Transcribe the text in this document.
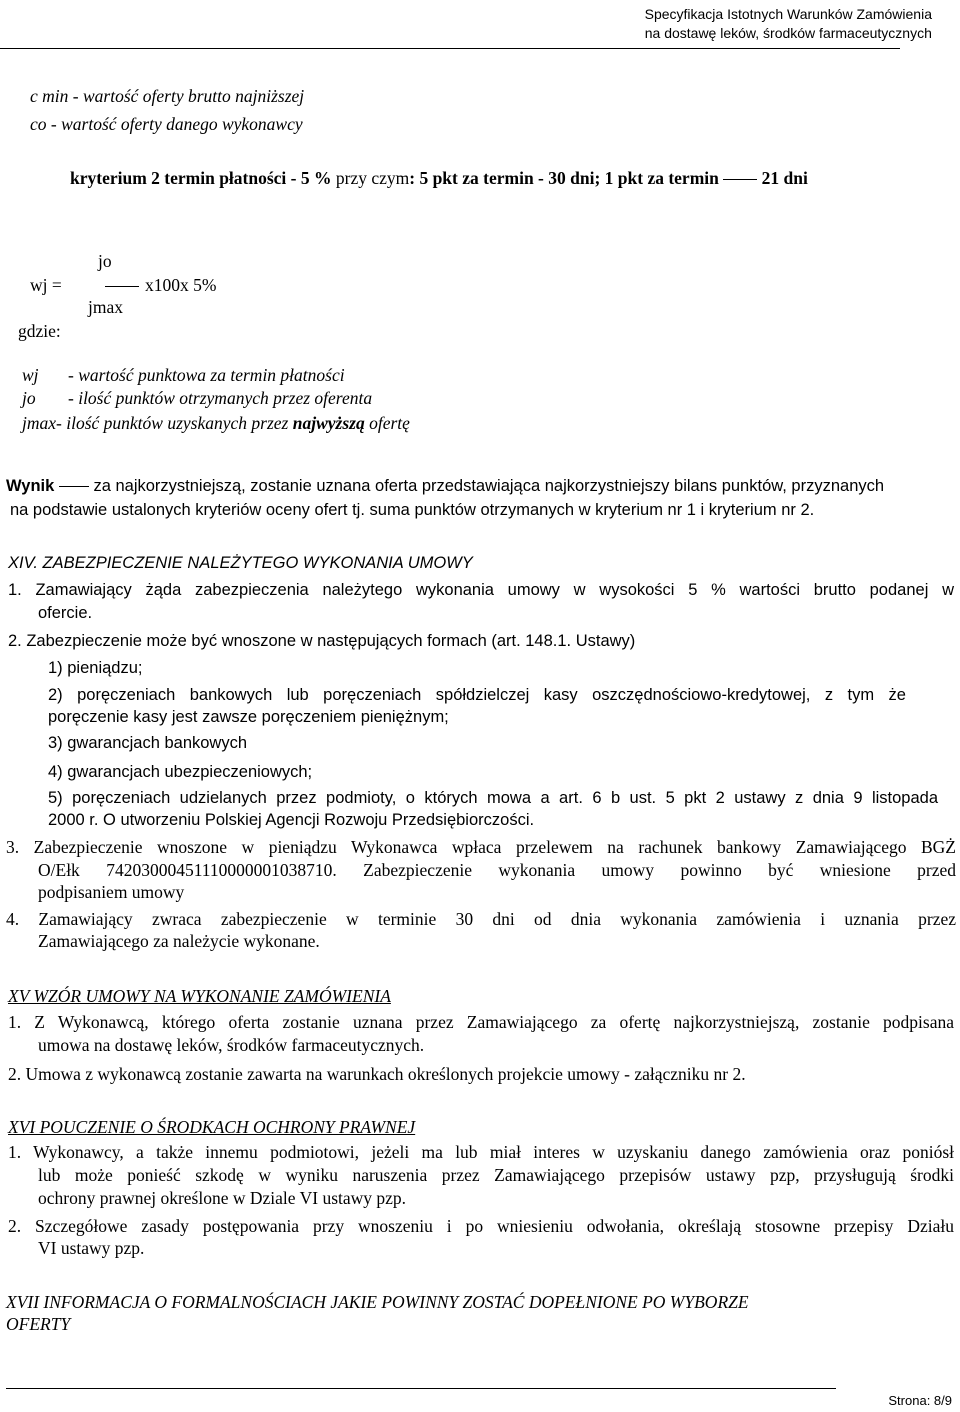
Specyfikacja Istotnych Warunków Zamówienia
na dostawę leków, środków farmaceutycznych
c min - wartość oferty brutto najniższej
co - wartość oferty danego wykonawcy
kryterium 2 termin płatności - 5 % przy czym: 5 pkt za termin - 30 dni; 1 pkt za termin  21 dni
jo
wj =	x100x 5%
jmax
gdzie:
wj - wartość punktowa za termin płatności
jo - ilość punktów otrzymanych przez oferenta
jmax- ilość punktów uzyskanych przez najwyższą ofertę
Wynik  za najkorzystniejszą, zostanie uznana oferta przedstawiająca najkorzystniejszy bilans punktów, przyznanych
na podstawie ustalonych kryteriów oceny ofert tj. suma punktów otrzymanych w kryterium nr 1 i kryterium nr 2.
XIV. ZABEZPIECZENIE NALEŻYTEGO WYKONANIA UMOWY
1. Zamawiający żąda zabezpieczenia należytego wykonania umowy w wysokości 5 % wartości brutto podanej w
ofercie.
2. Zabezpieczenie może być wnoszone w następujących formach (art. 148.1. Ustawy)
1) pieniądzu;
2) poręczeniach bankowych lub poręczeniach spółdzielczej kasy oszczędnościowo-kredytowej, z tym że
poręczenie kasy jest zawsze poręczeniem pieniężnym;
3) gwarancjach bankowych
4) gwarancjach ubezpieczeniowych;
5) poręczeniach udzielanych przez podmioty, o których mowa a art. 6 b ust. 5 pkt 2 ustawy z dnia 9 listopada
2000 r. O utworzeniu Polskiej Agencji Rozwoju Przedsiębiorczości.
3. Zabezpieczenie wnoszone w pieniądzu Wykonawca wpłaca przelewem na rachunek bankowy Zamawiającego BGŻ
O/Ełk 74203000451110000001038710. Zabezpieczenie wykonania umowy powinno być wniesione przed
podpisaniem umowy
4. Zamawiający zwraca zabezpieczenie w terminie 30 dni od dnia wykonania zamówienia i uznania przez
Zamawiającego za należycie wykonane.
XV WZÓR UMOWY NA WYKONANIE ZAMÓWIENIA
1. Z Wykonawcą, którego oferta zostanie uznana przez Zamawiającego za ofertę najkorzystniejszą, zostanie podpisana
umowa na dostawę leków, środków farmaceutycznych.
2. Umowa z wykonawcą zostanie zawarta na warunkach określonych projekcie umowy - załączniku nr 2.
XVI POUCZENIE O ŚRODKACH OCHRONY PRAWNEJ
1. Wykonawcy, a także innemu podmiotowi, jeżeli ma lub miał interes w uzyskaniu danego zamówienia oraz poniósł
lub może ponieść szkodę w wyniku naruszenia przez Zamawiającego przepisów ustawy pzp, przysługują środki
ochrony prawnej określone w Dziale VI ustawy pzp.
2. Szczegółowe zasady postępowania przy wnoszeniu i po wniesieniu odwołania, określają stosowne przepisy Działu
VI ustawy pzp.
XVII INFORMACJA O FORMALNOŚCIACH JAKIE POWINNY ZOSTAĆ DOPEŁNIONE PO WYBORZE
OFERTY
Strona: 8/9
